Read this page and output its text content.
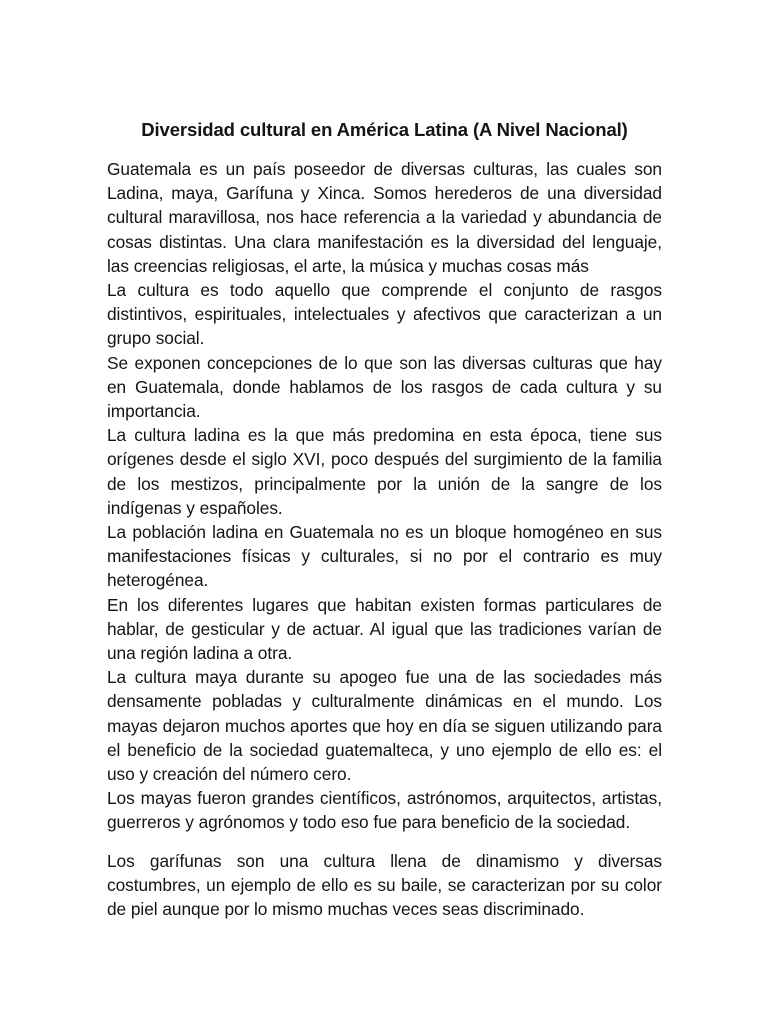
Diversidad cultural en América Latina (A Nivel Nacional)

Guatemala es un país poseedor de diversas culturas, las cuales son Ladina, maya, Garífuna y Xinca. Somos herederos de una diversidad cultural maravillosa, nos hace referencia a la variedad y abundancia de cosas distintas. Una clara manifestación es la diversidad del lenguaje, las creencias religiosas, el arte, la música y muchas cosas más

La cultura es todo aquello que comprende el conjunto de rasgos distintivos, espirituales, intelectuales y afectivos que caracterizan a un grupo social.

Se exponen concepciones de lo que son las diversas culturas que hay en Guatemala, donde hablamos de los rasgos de cada cultura y su importancia.

La cultura ladina es la que más predomina en esta época, tiene sus orígenes desde el siglo XVI, poco después del surgimiento de la familia de los mestizos, principalmente por la unión de la sangre de los indígenas y españoles.

La población ladina en Guatemala no es un bloque homogéneo en sus manifestaciones físicas y culturales, si no por el contrario es muy heterogénea.

En los diferentes lugares que habitan existen formas particulares de hablar, de gesticular y de actuar. Al igual que las tradiciones varían de una región ladina a otra.

La cultura maya durante su apogeo fue una de las sociedades más densamente pobladas y culturalmente dinámicas en el mundo. Los mayas dejaron muchos aportes que hoy en día se siguen utilizando para el beneficio de la sociedad guatemalteca, y uno ejemplo de ello es: el uso y creación del número cero.

Los mayas fueron grandes científicos, astrónomos, arquitectos, artistas, guerreros y agrónomos y todo eso fue para beneficio de la sociedad.

Los garífunas son una cultura llena de dinamismo y diversas costumbres, un ejemplo de ello es su baile, se caracterizan por su color de piel aunque por lo mismo muchas veces seas discriminado.
